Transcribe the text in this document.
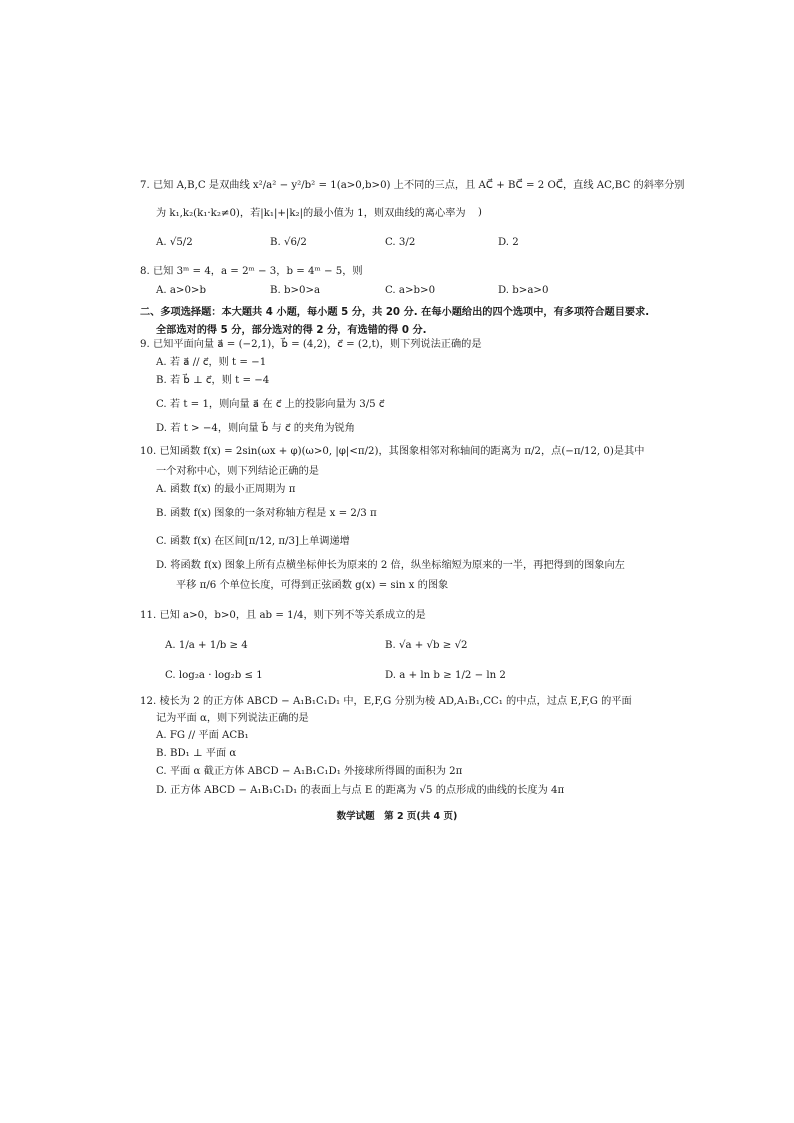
7. 已知 A,B,C 是双曲线 x²/a² − y²/b² = 1(a>0,b>0) 上不同的三点，且 AC⃗ + BC⃗ = 2 OC⃗，直线 AC,BC 的斜率分别
为 k₁,k₂(k₁·k₂≠0)，若|k₁|+|k₂|的最小值为 1，则双曲线的离心率为 )
A. √5/2	B. √6/2	C. 3/2	D. 2
8. 已知 3ᵐ = 4，a = 2ᵐ − 3，b = 4ᵐ − 5，则
A. a>0>b	B. b>0>a	C. a>b>0	D. b>a>0
二、多项选择题：本大题共 4 小题，每小题 5 分，共 20 分. 在每小题给出的四个选项中，有多项符合题目要求.
全部选对的得 5 分，部分选对的得 2 分，有选错的得 0 分.
9. 已知平面向量 a⃗ = (−2,1)，b⃗ = (4,2)，c⃗ = (2,t)，则下列说法正确的是
A. 若 a⃗ // c⃗，则 t = −1
B. 若 b⃗ ⊥ c⃗，则 t = −4
C. 若 t = 1，则向量 a⃗ 在 c⃗ 上的投影向量为 3/5 c⃗
D. 若 t > −4，则向量 b⃗ 与 c⃗ 的夹角为锐角
10. 已知函数 f(x) = 2sin(ωx + φ)(ω>0, |φ|<π/2)，其图象相邻对称轴间的距离为 π/2，点(−π/12, 0)是其中
一个对称中心，则下列结论正确的是
A. 函数 f(x) 的最小正周期为 π
B. 函数 f(x) 图象的一条对称轴方程是 x = 2/3 π
C. 函数 f(x) 在区间[π/12, π/3]上单调递增
D. 将函数 f(x) 图象上所有点横坐标伸长为原来的 2 倍，纵坐标缩短为原来的一半，再把得到的图象向左
平移 π/6 个单位长度，可得到正弦函数 g(x) = sin x 的图象
11. 已知 a>0，b>0，且 ab = 1/4，则下列不等关系成立的是
A. 1/a + 1/b ≥ 4	B. √a + √b ≥ √2
C. log₂a · log₂b ≤ 1	D. a + ln b ≥ 1/2 − ln 2
12. 棱长为 2 的正方体 ABCD − A₁B₁C₁D₁ 中，E,F,G 分别为棱 AD,A₁B₁,CC₁ 的中点，过点 E,F,G 的平面
记为平面 α，则下列说法正确的是
A. FG // 平面 ACB₁
B. BD₁ ⊥ 平面 α
C. 平面 α 截正方体 ABCD − A₁B₁C₁D₁ 外接球所得圆的面积为 2π
D. 正方体 ABCD − A₁B₁C₁D₁ 的表面上与点 E 的距离为 √5 的点形成的曲线的长度为 4π
数学试题　第 2 页(共 4 页)
